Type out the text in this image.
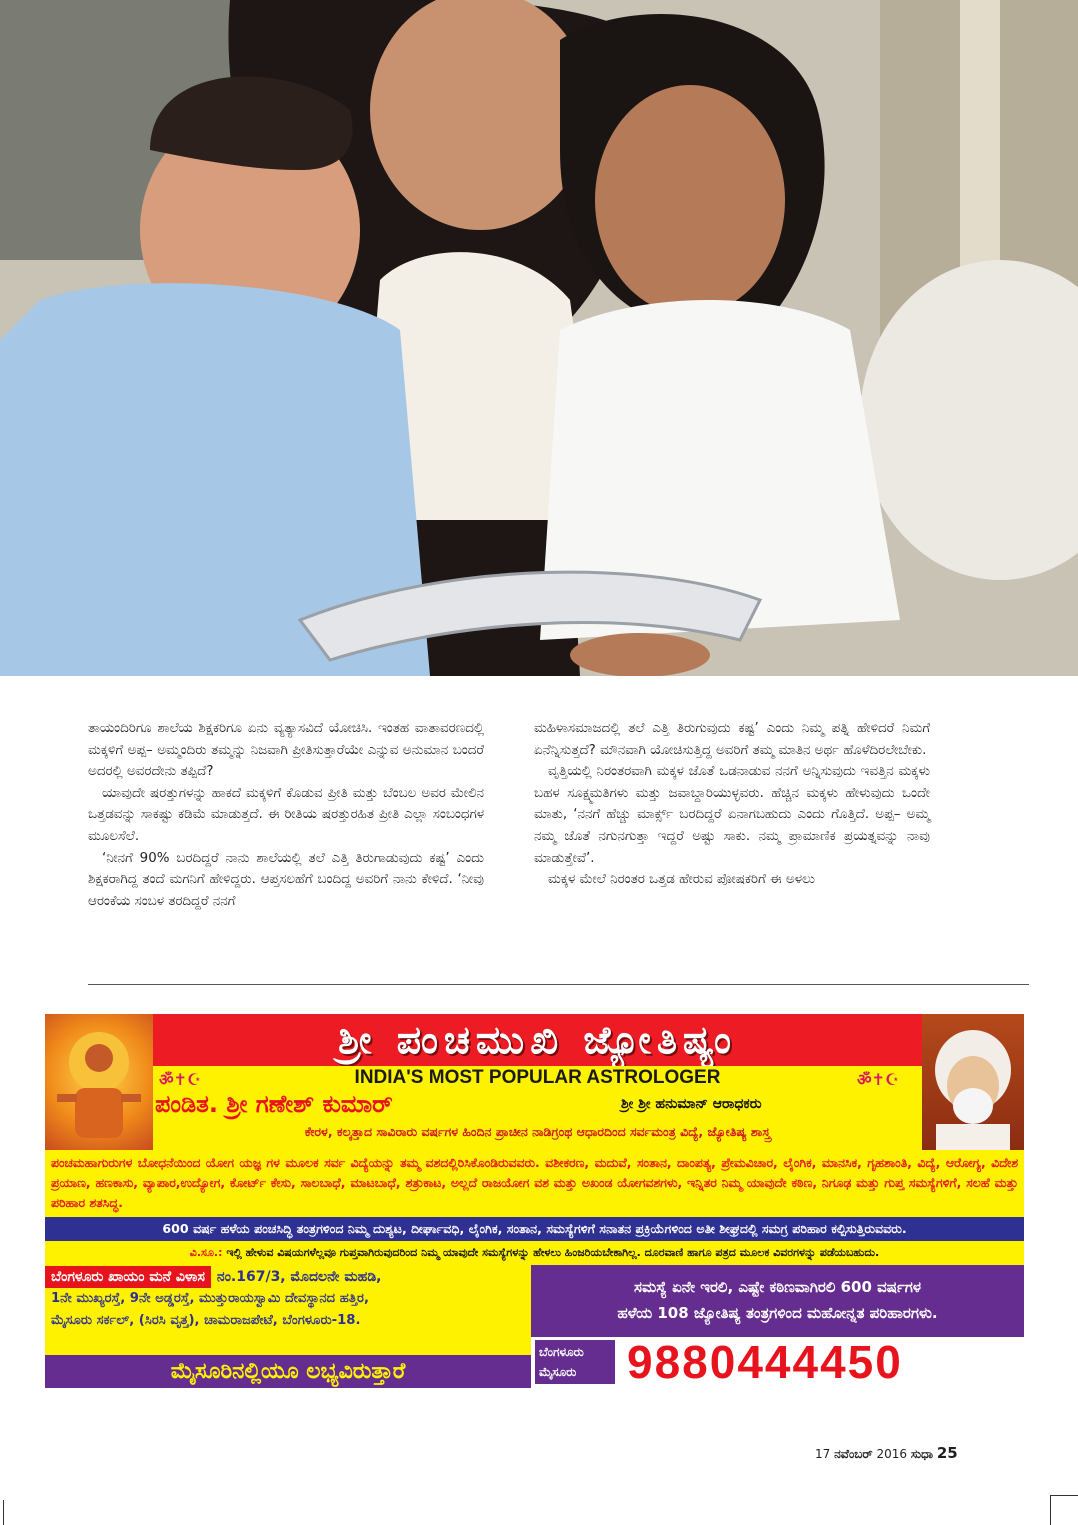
ತಾಯಂದಿರಿಗೂ ಶಾಲೆಯ ಶಿಕ್ಷಕರಿಗೂ ಏನು ವ್ಯತ್ಯಾಸವಿದೆ ಯೋಚಿಸಿ. ಇಂತಹ ವಾತಾವರಣದಲ್ಲಿ ಮಕ್ಕಳಿಗೆ ಅಪ್ಪ– ಅಮ್ಮಂದಿರು ತಮ್ಮನ್ನು ನಿಜವಾಗಿ ಪ್ರೀತಿಸುತ್ತಾರೆಯೇ ಎನ್ನುವ ಅನುಮಾನ ಬಂದರೆ ಅದರಲ್ಲಿ ಅವರದೇನು ತಪ್ಪಿದೆ?

ಯಾವುದೇ ಷರತ್ತುಗಳನ್ನು ಹಾಕದೆ ಮಕ್ಕಳಿಗೆ ಕೊಡುವ ಪ್ರೀತಿ ಮತ್ತು ಬೆಂಬಲ ಅವರ ಮೇಲಿನ ಒತ್ತಡವನ್ನು ಸಾಕಷ್ಟು ಕಡಿಮೆ ಮಾಡುತ್ತದೆ. ಈ ರೀತಿಯ ಷರತ್ತುರಹಿತ ಪ್ರೀತಿ ಎಲ್ಲಾ ಸಂಬಂಧಗಳ ಮೂಲಸೆಲೆ.

‘ನೀನಗೆ 90% ಬರದಿದ್ದರೆ ನಾನು ಶಾಲೆಯಲ್ಲಿ ತಲೆ ಎತ್ತಿ ತಿರುಗಾಡುವುದು ಕಷ್ಟ’ ಎಂದು ಶಿಕ್ಷಕರಾಗಿದ್ದ ತಂದೆ ಮಗನಿಗೆ ಹೇಳಿದ್ದರು. ಆಪ್ತಸಲಹೆಗೆ ಬಂದಿದ್ದ ಅವರಿಗೆ ನಾನು ಕೇಳಿದೆ. ‘ನೀವು ಆರಂಕೆಯ ಸಂಬಳ ತರದಿದ್ದರೆ ನನಗೆ

ಮಹಿಳಾಸಮಾಜದಲ್ಲಿ ತಲೆ ಎತ್ತಿ ತಿರುಗುವುದು ಕಷ್ಟ’ ಎಂದು ನಿಮ್ಮ ಪತ್ನಿ ಹೇಳಿದರೆ ನಿಮಗೆ ಏನೆನ್ನಿಸುತ್ತದೆ? ಮೌನವಾಗಿ ಯೋಚಿಸುತ್ತಿದ್ದ ಅವರಿಗೆ ತಮ್ಮ ಮಾತಿನ ಅರ್ಥ ಹೊಳೆದಿರಲೇಬೇಕು.

ವೃತ್ತಿಯಲ್ಲಿ ನಿರಂತರವಾಗಿ ಮಕ್ಕಳ ಜೊತೆ ಒಡನಾಡುವ ನನಗೆ ಅನ್ನಿಸುವುದು ಇವತ್ತಿನ ಮಕ್ಕಳು ಬಹಳ ಸೂಕ್ಷ್ಮಮತಿಗಳು ಮತ್ತು ಜವಾಬ್ದಾರಿಯುಳ್ಳವರು. ಹೆಚ್ಚಿನ ಮಕ್ಕಳು ಹೇಳುವುದು ಒಂದೇ ಮಾತು, ‘ನನಗೆ ಹೆಚ್ಚು ಮಾರ್ಕ್ಸ್ ಬರದಿದ್ದರೆ ಏನಾಗಬಹುದು ಎಂದು ಗೊತ್ತಿದೆ. ಅಪ್ಪ– ಅಮ್ಮ ನಮ್ಮ ಜೊತೆ ನಗುನಗುತ್ತಾ ಇದ್ದರೆ ಅಷ್ಟು ಸಾಕು. ನಮ್ಮ ಪ್ರಾಮಾಣಿಕ ಪ್ರಯತ್ನವನ್ನು ನಾವು ಮಾಡುತ್ತೇವೆ’.

ಮಕ್ಕಳ ಮೇಲೆ ನಿರಂತರ ಒತ್ತಡ ಹೇರುವ ಪೋಷಕರಿಗೆ ಈ ಅಳಲು

ಶ್ರೀ ಪಂಚಮುಖಿ ಜ್ಯೋತಿಷ್ಯಂ
ॐ✝☪	ॐ✝☪
INDIA'S MOST POPULAR ASTROLOGER
ಪಂಡಿತ. ಶ್ರೀ ಗಣೇಶ್ ಕುಮಾರ್	ಶ್ರೀ ಶ್ರೀ ಹನುಮಾನ್ ಆರಾಧಕರು
ಕೇರಳ, ಕಲ್ಕತ್ತಾದ ಸಾವಿರಾರು ವರ್ಷಗಳ ಹಿಂದಿನ ಪ್ರಾಚೀನ ನಾಡಿಗ್ರಂಥ ಆಧಾರದಿಂದ ಸರ್ವಮಂತ್ರ ವಿದ್ಯೆ, ಜ್ಯೋತಿಷ್ಯ ಶಾಸ್ತ್ರ
ಪಂಚಮಹಾಗುರುಗಳ ಬೋಧನೆಯಿಂದ ಯೋಗ ಯಜ್ಞ ಗಳ ಮೂಲಕ ಸರ್ವ ವಿದ್ಯೆಯನ್ನು ತಮ್ಮ ವಶದಲ್ಲಿರಿಸಿಕೊಂಡಿರುವವರು. ವಶೀಕರಣ, ಮದುವೆ, ಸಂತಾನ, ದಾಂಪತ್ಯ, ಪ್ರೇಮವಿಚಾರ, ಲೈಂಗಿಕ, ಮಾನಸಿಕ, ಗೃಹಶಾಂತಿ, ವಿದ್ಯೆ, ಆರೋಗ್ಯ, ವಿದೇಶ ಪ್ರಯಾಣ, ಹಣಕಾಸು, ವ್ಯಾಪಾರ,ಉದ್ಯೋಗ, ಕೋರ್ಟ್ ಕೇಸು, ಸಾಲಬಾಧೆ, ಮಾಟಬಾಧೆ, ಶತ್ರುಕಾಟ, ಅಲ್ಲದೆ ರಾಜಯೋಗ ವಶ ಮತ್ತು ಅಖಂಡ ಯೋಗವಶಗಳು, ಇನ್ನಿತರ ನಿಮ್ಮ ಯಾವುದೇ ಕಠಿಣ, ನಿಗೂಢ ಮತ್ತು ಗುಪ್ತ ಸಮಸ್ಯೆಗಳಿಗೆ, ಸಲಹೆ ಮತ್ತು ಪರಿಹಾರ ಶತಸಿದ್ಧ.
600 ವರ್ಷ ಹಳೆಯ ಪಂಚಸಿದ್ಧಿ ತಂತ್ರಗಳಿಂದ ನಿಮ್ಮ ದುಶ್ಯಟ, ದೀರ್ಘಾವಧಿ, ಲೈಂಗಿಕ, ಸಂತಾನ, ಸಮಸ್ಯೆಗಳಿಗೆ ಸನಾತನ ಪ್ರಕ್ರಿಯೆಗಳಿಂದ ಅತೀ ಶೀಘ್ರದಲ್ಲಿ ಸಮಗ್ರ ಪರಿಹಾರ ಕಲ್ಪಿಸುತ್ತಿರುವವರು.
ವಿ.ಸೂ.: ಇಲ್ಲಿ ಹೇಳುವ ವಿಷಯಗಳೆಲ್ಲವೂ ಗುಪ್ತವಾಗಿರುವುದರಿಂದ ನಿಮ್ಮ ಯಾವುದೇ ಸಮಸ್ಯೆಗಳನ್ನು ಹೇಳಲು ಹಿಂಜರಿಯಬೇಕಾಗಿಲ್ಲ. ದೂರವಾಣಿ ಹಾಗೂ ಪತ್ರದ ಮೂಲಕ ವಿವರಗಳನ್ನು ಪಡೆಯಬಹುದು.
ಬೆಂಗಳೂರು ಖಾಯಂ ಮನೆ ವಿಳಾಸ ನಂ.167/3, ಮೊದಲನೇ ಮಹಡಿ,
1ನೇ ಮುಖ್ಯರಸ್ತೆ, 9ನೇ ಅಡ್ಡರಸ್ತೆ, ಮುತ್ತುರಾಯಸ್ವಾಮಿ ದೇವಸ್ಥಾನದ ಹತ್ತಿರ,
ಮೈಸೂರು ಸರ್ಕಲ್, (ಸಿರಸಿ ವೃತ್ತ), ಚಾಮರಾಜಪೇಟೆ, ಬೆಂಗಳೂರು-18.
ಮೈಸೂರಿನಲ್ಲಿಯೂ ಲಭ್ಯವಿರುತ್ತಾರೆ
ಸಮಸ್ಯೆ ಏನೇ ಇರಲಿ, ಎಷ್ಟೇ ಕಠಿಣವಾಗಿರಲಿ 600 ವರ್ಷಗಳ
ಹಳೆಯ 108 ಜ್ಯೋತಿಷ್ಯ ತಂತ್ರಗಳಿಂದ ಮಹೋನ್ನತ ಪರಿಹಾರಗಳು.
ಬೆಂಗಳೂರು
ಮೈಸೂರು	9880444450
17 ನವೆಂಬರ್ 2016 ಸುಧಾ 25
